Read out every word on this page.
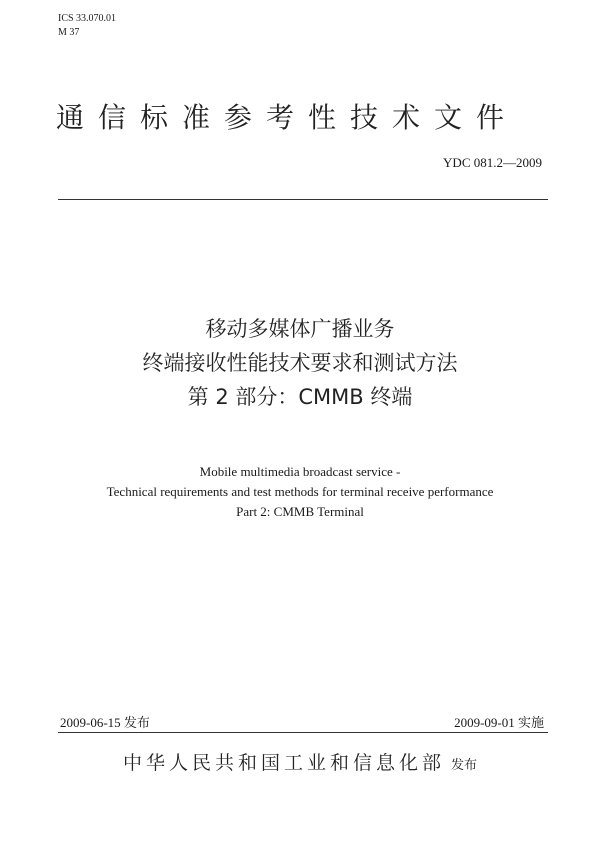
ICS 33.070.01
M 37
通信标准参考性技术文件
YDC 081.2—2009
移动多媒体广播业务
终端接收性能技术要求和测试方法
第 2 部分：CMMB 终端
Mobile multimedia broadcast service -
Technical requirements and test methods for terminal receive performance
Part 2: CMMB Terminal
2009-06-15 发布	2009-09-01 实施
中华人民共和国工业和信息化部 发布
